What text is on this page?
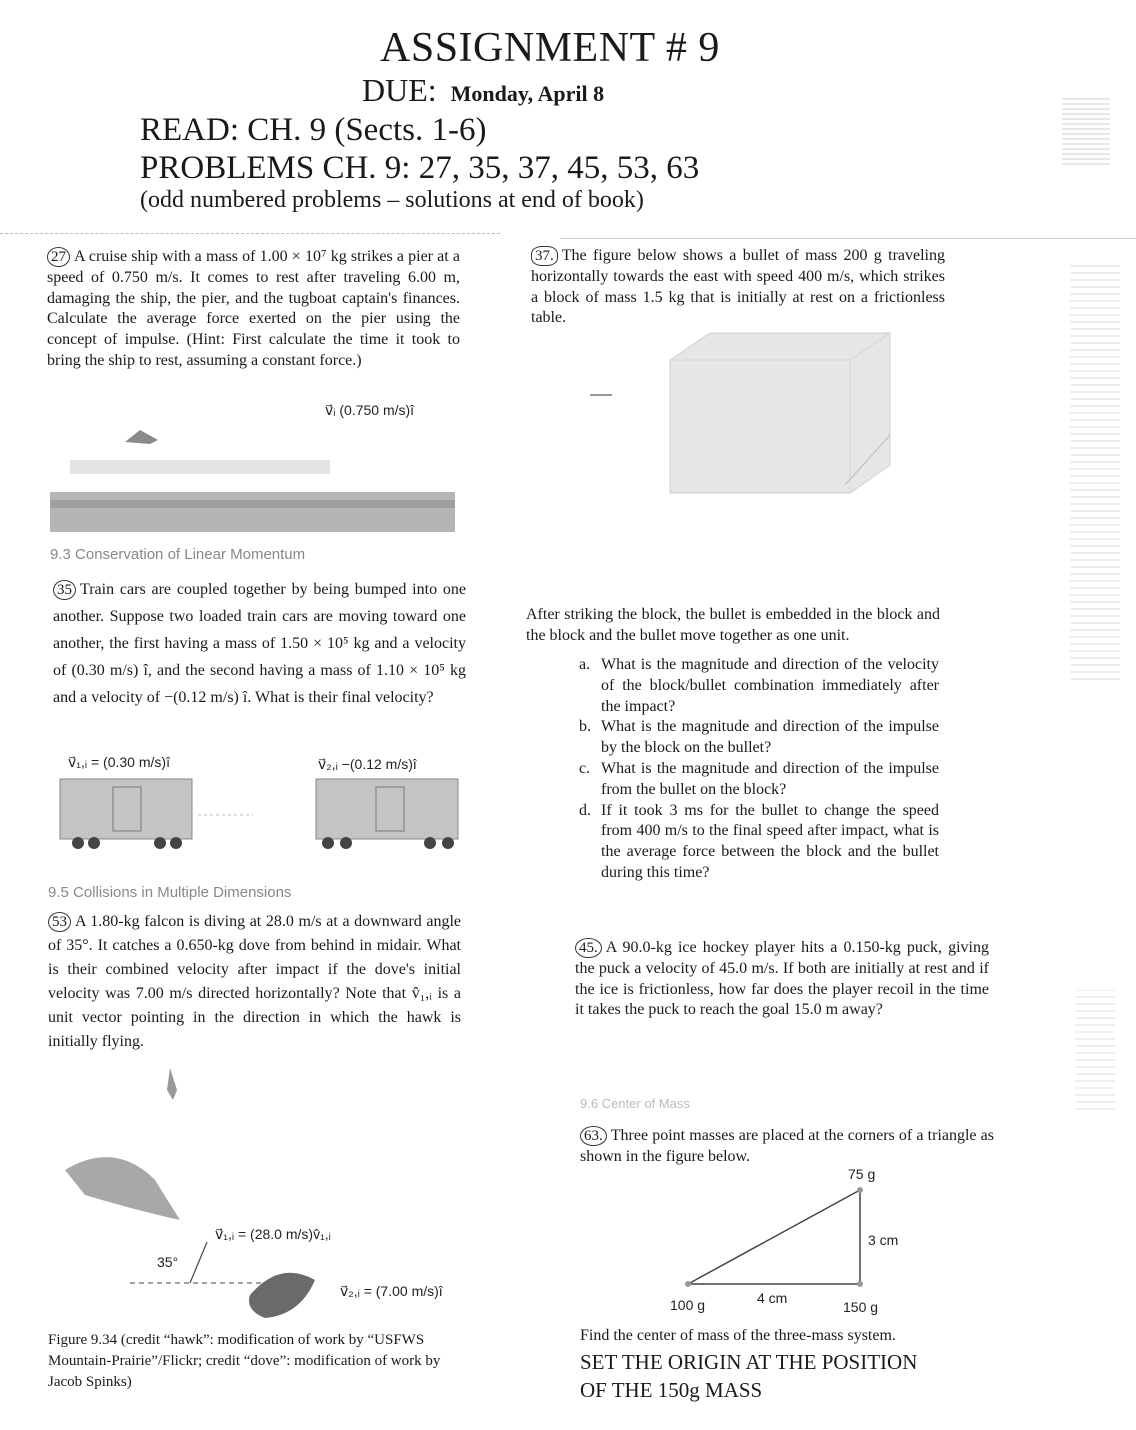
ASSIGNMENT # 9
DUE: Monday, April 8
READ: CH. 9 (Sects. 1-6)
PROBLEMS CH. 9: 27, 35, 37, 45, 53, 63
(odd numbered problems – solutions at end of book)
27 A cruise ship with a mass of 1.00 × 10⁷ kg strikes a pier at a speed of 0.750 m/s. It comes to rest after traveling 6.00 m, damaging the ship, the pier, and the tugboat captain's finances. Calculate the average force exerted on the pier using the concept of impulse. (Hint: First calculate the time it took to bring the ship to rest, assuming a constant force.)
v⃗ᵢ (0.750 m/s)î
9.3 Conservation of Linear Momentum
35 Train cars are coupled together by being bumped into one another. Suppose two loaded train cars are moving toward one another, the first having a mass of 1.50 × 10⁵ kg and a velocity of (0.30 m/s) î, and the second having a mass of 1.10 × 10⁵ kg and a velocity of −(0.12 m/s) î. What is their final velocity?
v⃗₁,ᵢ = (0.30 m/s)î	v⃗₂,ᵢ −(0.12 m/s)î
9.5 Collisions in Multiple Dimensions
53 A 1.80-kg falcon is diving at 28.0 m/s at a downward angle of 35°. It catches a 0.650-kg dove from behind in midair. What is their combined velocity after impact if the dove's initial velocity was 7.00 m/s directed horizontally? Note that v̂₁,ᵢ is a unit vector pointing in the direction in which the hawk is initially flying.
v⃗₁,ᵢ = (28.0 m/s)v̂₁,ᵢ
35°
v⃗₂,ᵢ = (7.00 m/s)î
Figure 9.34 (credit “hawk”: modification of work by “USFWS Mountain-Prairie”/Flickr; credit “dove”: modification of work by Jacob Spinks)
37. The figure below shows a bullet of mass 200 g traveling horizontally towards the east with speed 400 m/s, which strikes a block of mass 1.5 kg that is initially at rest on a frictionless table.
After striking the block, the bullet is embedded in the block and the block and the bullet move together as one unit.
a. What is the magnitude and direction of the velocity of the block/bullet combination immediately after the impact?
b. What is the magnitude and direction of the impulse by the block on the bullet?
c. What is the magnitude and direction of the impulse from the bullet on the block?
d. If it took 3 ms for the bullet to change the speed from 400 m/s to the final speed after impact, what is the average force between the block and the bullet during this time?
45. A 90.0-kg ice hockey player hits a 0.150-kg puck, giving the puck a velocity of 45.0 m/s. If both are initially at rest and if the ice is frictionless, how far does the player recoil in the time it takes the puck to reach the goal 15.0 m away?
9.6 Center of Mass
63. Three point masses are placed at the corners of a triangle as shown in the figure below.
75 g
3 cm
4 cm
100 g	150 g
Find the center of mass of the three-mass system.
SET THE ORIGIN AT THE POSITION
OF THE 150g MASS
